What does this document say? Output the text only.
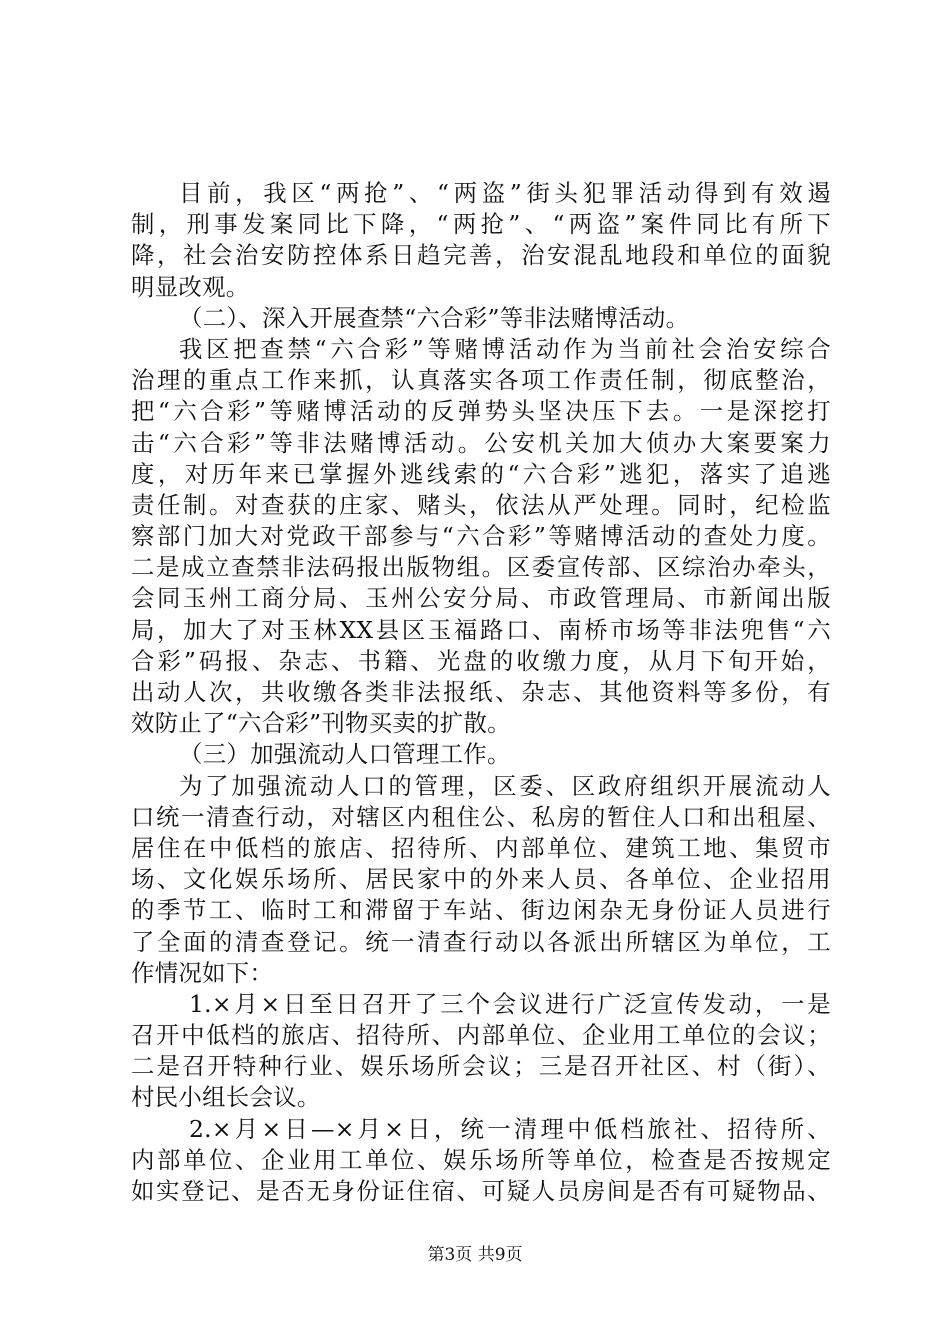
目前，我区“两抢”、“两盗”街头犯罪活动得到有效遏
制，刑事发案同比下降，“两抢”、“两盗”案件同比有所下
降，社会治安防控体系日趋完善，治安混乱地段和单位的面貌
明显改观。
（二）、深入开展查禁“六合彩”等非法赌博活动。
我区把查禁“六合彩”等赌博活动作为当前社会治安综合
治理的重点工作来抓，认真落实各项工作责任制，彻底整治，
把“六合彩”等赌博活动的反弹势头坚决压下去。一是深挖打
击“六合彩”等非法赌博活动。公安机关加大侦办大案要案力
度，对历年来已掌握外逃线索的“六合彩”逃犯，落实了追逃
责任制。对查获的庄家、赌头，依法从严处理。同时，纪检监
察部门加大对党政干部参与“六合彩”等赌博活动的查处力度。
二是成立查禁非法码报出版物组。区委宣传部、区综治办牵头，
会同玉州工商分局、玉州公安分局、市政管理局、市新闻出版
局，加大了对玉林XX县区玉福路口、南桥市场等非法兜售“六
合彩”码报、杂志、书籍、光盘的收缴力度，从月下旬开始，
出动人次，共收缴各类非法报纸、杂志、其他资料等多份，有
效防止了“六合彩”刊物买卖的扩散。
（三）加强流动人口管理工作。
为了加强流动人口的管理，区委、区政府组织开展流动人
口统一清查行动，对辖区内租住公、私房的暂住人口和出租屋、
居住在中低档的旅店、招待所、内部单位、建筑工地、集贸市
场、文化娱乐场所、居民家中的外来人员、各单位、企业招用
的季节工、临时工和滞留于车站、街边闲杂无身份证人员进行
了全面的清查登记。统一清查行动以各派出所辖区为单位，工
作情况如下：
1.×月×日至日召开了三个会议进行广泛宣传发动，一是
召开中低档的旅店、招待所、内部单位、企业用工单位的会议；
二是召开特种行业、娱乐场所会议；三是召开社区、村（街）、
村民小组长会议。
2.×月×日—×月×日，统一清理中低档旅社、招待所、
内部单位、企业用工单位、娱乐场所等单位，检查是否按规定
如实登记、是否无身份证住宿、可疑人员房间是否有可疑物品、
第3页 共9页
